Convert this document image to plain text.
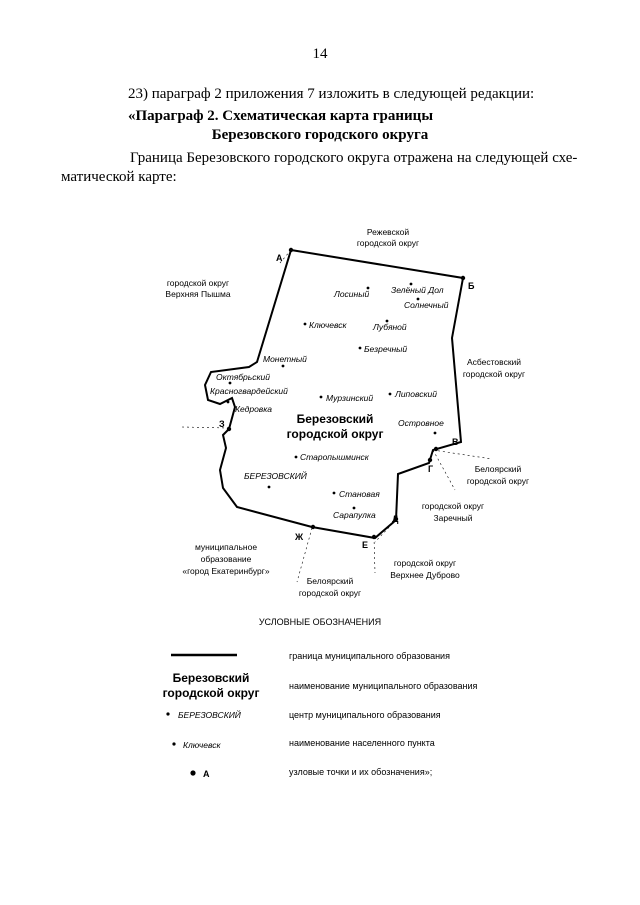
14
23) параграф 2 приложения 7 изложить в следующей редакции:
«Параграф 2. Схематическая карта границы
Березовского городского округа
Граница Березовского городского округа отражена на следующей схе-
матической карте:
А
Б
В
Г
Д
Е
Ж
З
Режевской
городской округ
городской округ
Верхняя Пышма
Асбестовский
городской округ
Белоярский
городской округ
городской округ
Заречный
городской округ
Верхнее Дуброво
Белоярский
городской округ
муниципальное
образование
«город Екатеринбург»
Березовский
городской округ
Зелёный Дол
Лосиный
Солнечный
Ключевск	Лубяной
Безречный
Монетный
Октябрьский
Красногвардейский
Кедровка
Мурзинский	Липовский
Островное
Старопышминск
БЕРЕЗОВСКИЙ
Становая
Сарапулка
УСЛОВНЫЕ ОБОЗНАЧЕНИЯ
граница муниципального образования
Березовский
городской округ	наименование муниципального образования
БЕРЕЗОВСКИЙ	центр муниципального образования
Ключевск	наименование населенного пункта
А	узловые точки и их обозначения»;
